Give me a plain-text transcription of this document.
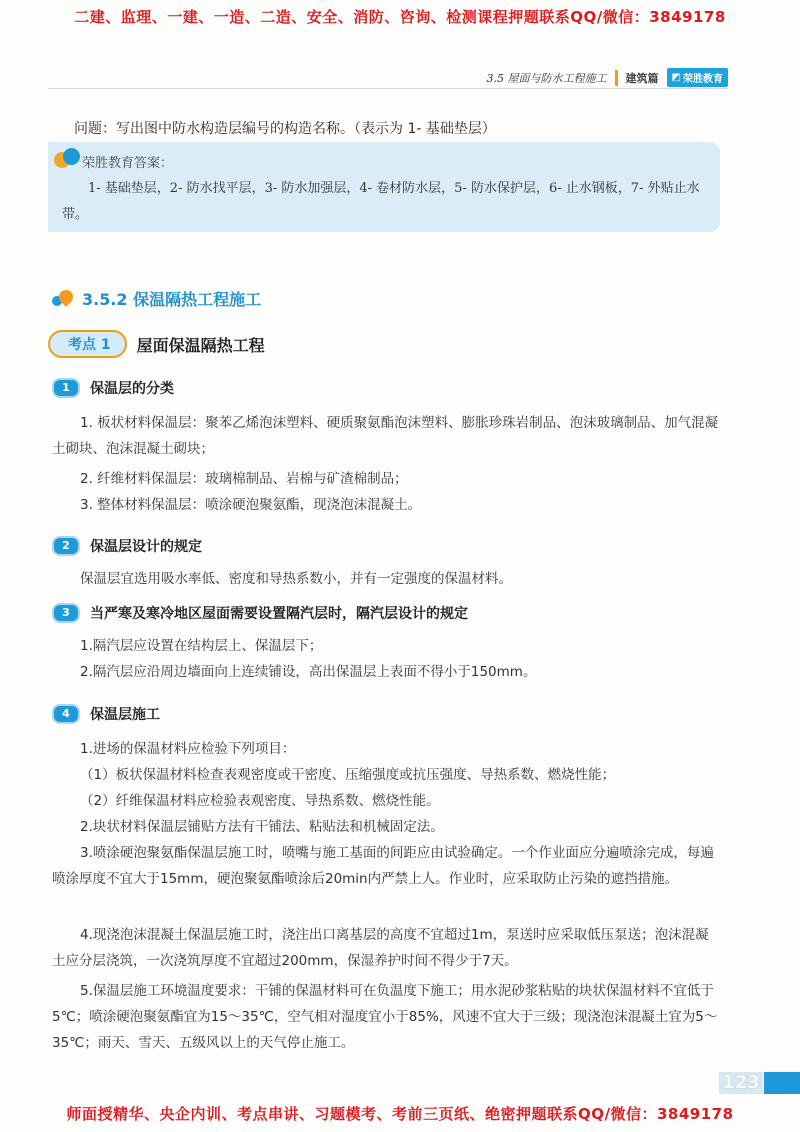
二建、监理、一建、一造、二造、安全、消防、咨询、检测课程押题联系QQ/微信：3849178
3.5 屋面与防水工程施工 建筑篇 ◩ 荣胜教育
问题：写出图中防水构造层编号的构造名称。（表示为 1- 基础垫层）
荣胜教育答案：
1- 基础垫层，2- 防水找平层，3- 防水加强层，4- 卷材防水层，5- 防水保护层，6- 止水钢板，7- 外贴止水带。
3.5.2 保温隔热工程施工
考点 1	屋面保温隔热工程
1	保温层的分类
1. 板状材料保温层：聚苯乙烯泡沫塑料、硬质聚氨酯泡沫塑料、膨胀珍珠岩制品、泡沫玻璃制品、加气混凝土砌块、泡沫混凝土砌块；
2. 纤维材料保温层：玻璃棉制品、岩棉与矿渣棉制品；
3. 整体材料保温层：喷涂硬泡聚氨酯，现浇泡沫混凝土。
2	保温层设计的规定
保温层宜选用吸水率低、密度和导热系数小，并有一定强度的保温材料。
3	当严寒及寒冷地区屋面需要设置隔汽层时，隔汽层设计的规定
1.隔汽层应设置在结构层上、保温层下；
2.隔汽层应沿周边墙面向上连续铺设，高出保温层上表面不得小于150mm。
4	保温层施工
1.进场的保温材料应检验下列项目：
（1）板状保温材料检查表观密度或干密度、压缩强度或抗压强度、导热系数、燃烧性能；
（2）纤维保温材料应检验表观密度、导热系数、燃烧性能。
2.块状材料保温层铺贴方法有干铺法、粘贴法和机械固定法。
3.喷涂硬泡聚氨酯保温层施工时，喷嘴与施工基面的间距应由试验确定。一个作业面应分遍喷涂完成，每遍喷涂厚度不宜大于15mm，硬泡聚氨酯喷涂后20min内严禁上人。作业时，应采取防止污染的遮挡措施。
4.现浇泡沫混凝土保温层施工时，浇注出口离基层的高度不宜超过1m，泵送时应采取低压泵送；泡沫混凝土应分层浇筑，一次浇筑厚度不宜超过200mm，保湿养护时间不得少于7天。
5.保温层施工环境温度要求：干铺的保温材料可在负温度下施工；用水泥砂浆粘贴的块状保温材料不宜低于5℃；喷涂硬泡聚氨酯宜为15～35℃，空气相对湿度宜小于85%，风速不宜大于三级；现浇泡沫混凝土宜为5～35℃；雨天、雪天、五级风以上的天气停止施工。
123
师面授精华、央企内训、考点串讲、习题模考、考前三页纸、绝密押题联系QQ/微信：3849178
